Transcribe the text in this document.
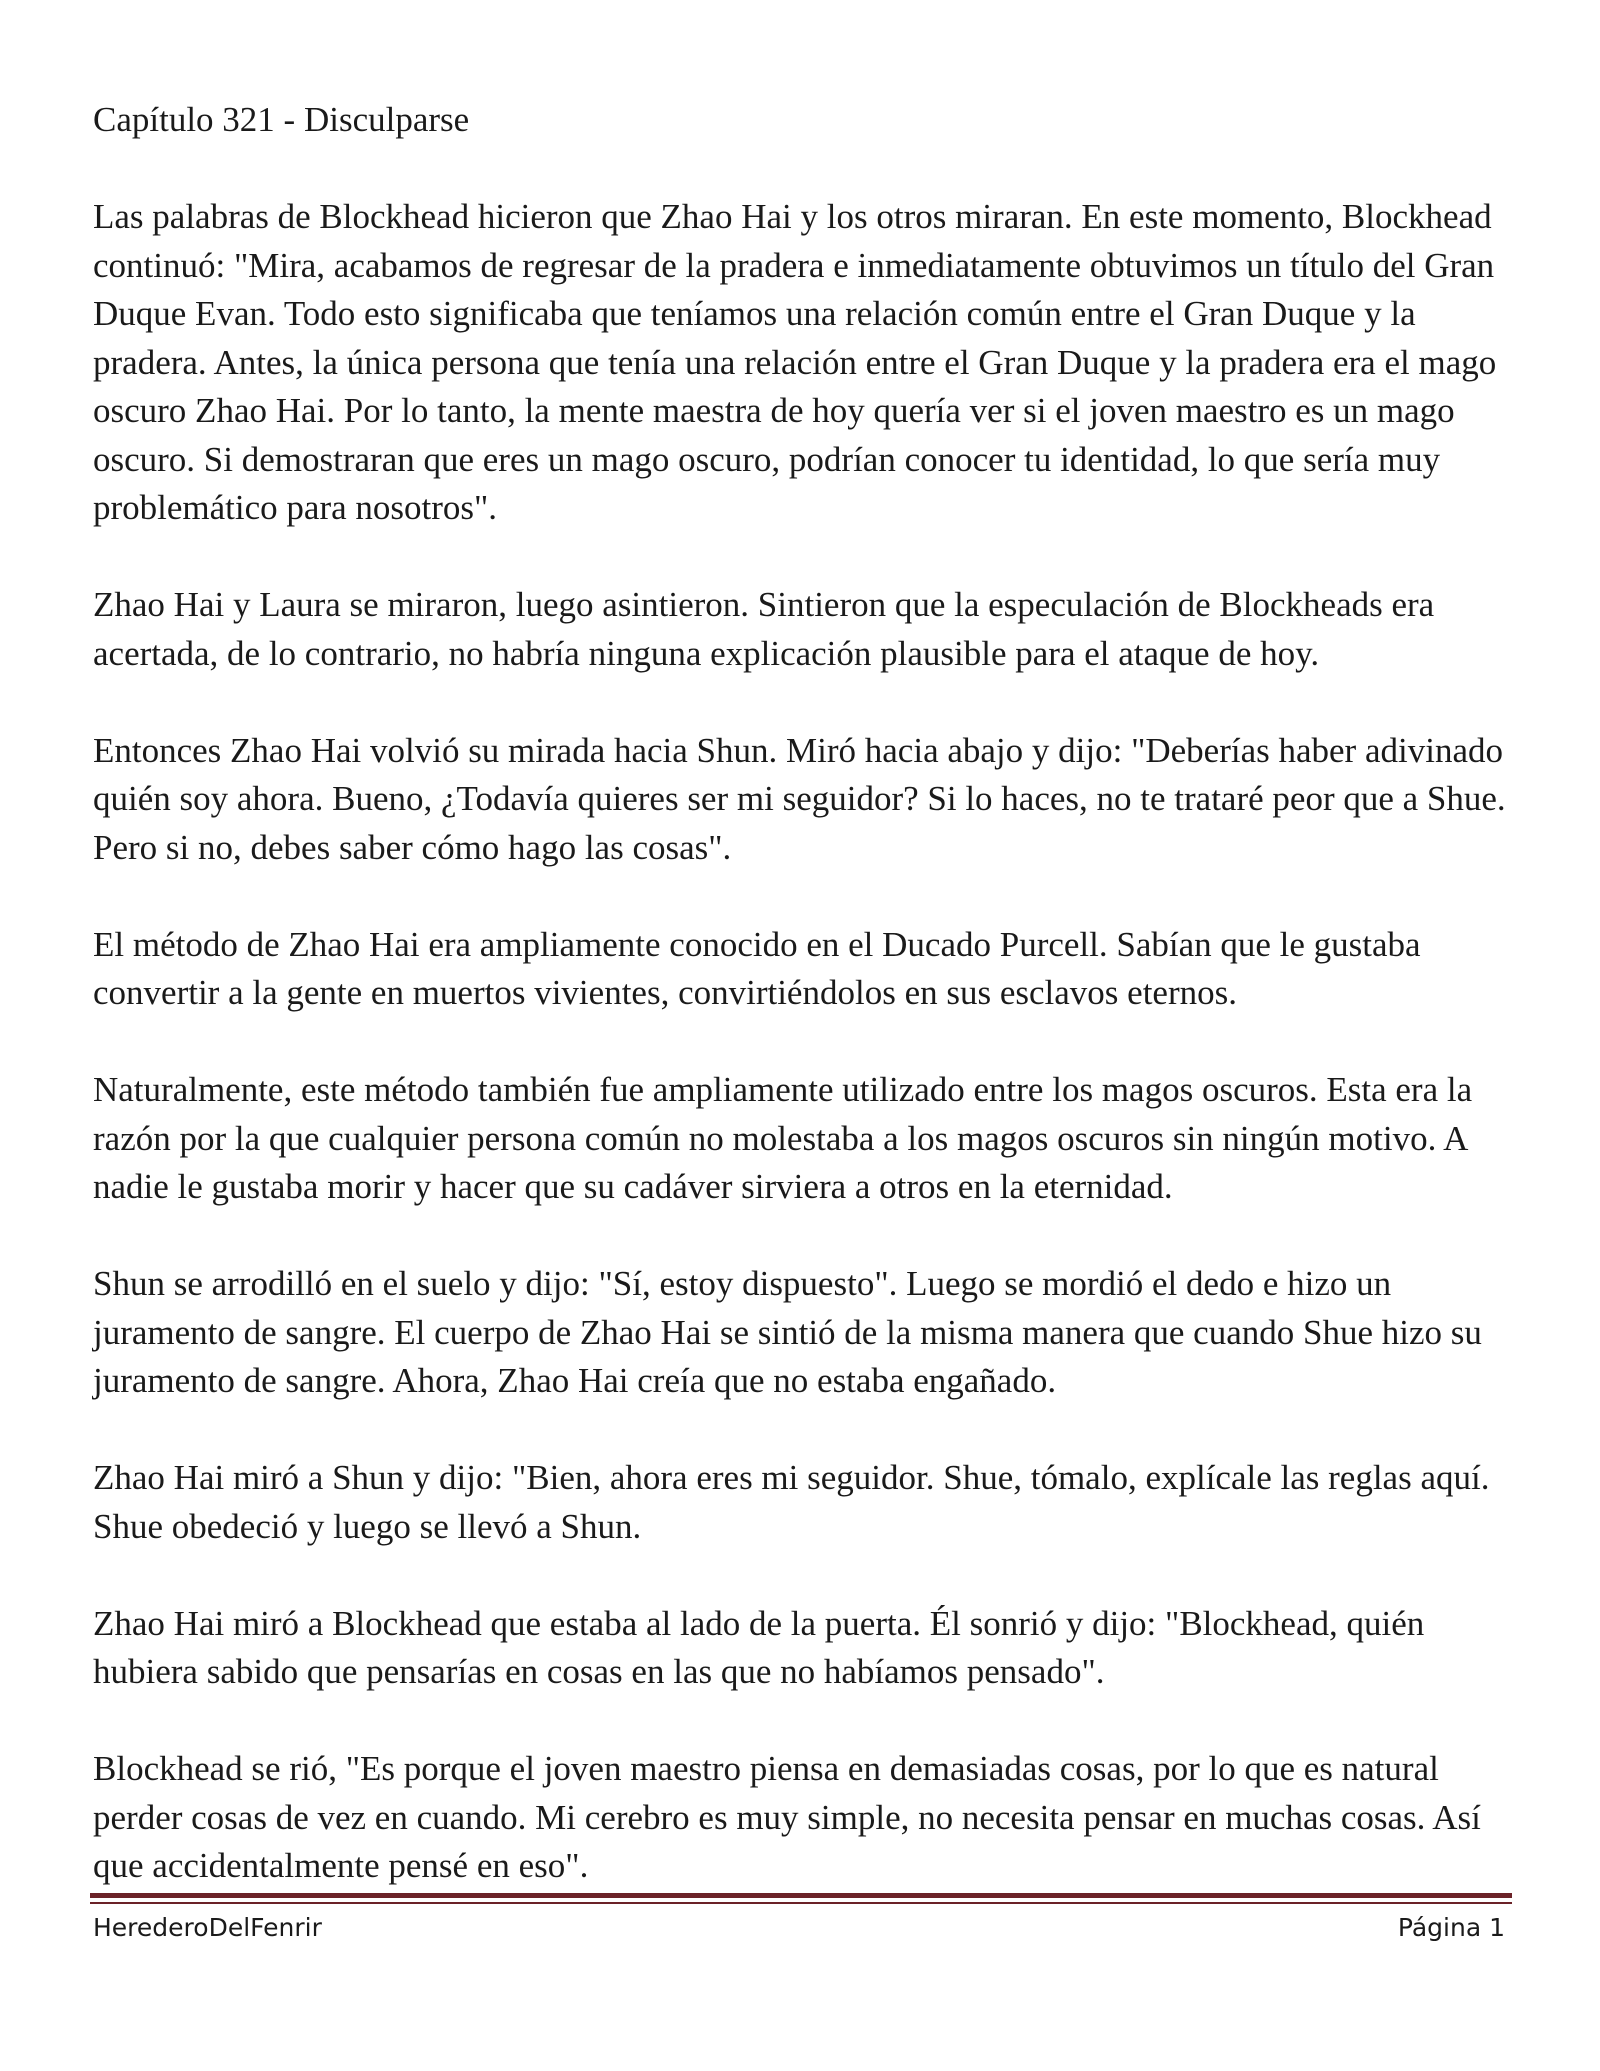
Capítulo 321 - Disculparse

Las palabras de Blockhead hicieron que Zhao Hai y los otros miraran. En este momento, Blockhead continuó: "Mira, acabamos de regresar de la pradera e inmediatamente obtuvimos un título del Gran Duque Evan. Todo esto significaba que teníamos una relación común entre el Gran Duque y la pradera. Antes, la única persona que tenía una relación entre el Gran Duque y la pradera era el mago oscuro Zhao Hai. Por lo tanto, la mente maestra de hoy quería ver si el joven maestro es un mago oscuro. Si demostraran que eres un mago oscuro, podrían conocer tu identidad, lo que sería muy problemático para nosotros".

Zhao Hai y Laura se miraron, luego asintieron. Sintieron que la especulación de Blockheads era acertada, de lo contrario, no habría ninguna explicación plausible para el ataque de hoy.

Entonces Zhao Hai volvió su mirada hacia Shun. Miró hacia abajo y dijo: "Deberías haber adivinado quién soy ahora. Bueno, ¿Todavía quieres ser mi seguidor? Si lo haces, no te trataré peor que a Shue. Pero si no, debes saber cómo hago las cosas".

El método de Zhao Hai era ampliamente conocido en el Ducado Purcell. Sabían que le gustaba convertir a la gente en muertos vivientes, convirtiéndolos en sus esclavos eternos.

Naturalmente, este método también fue ampliamente utilizado entre los magos oscuros. Esta era la razón por la que cualquier persona común no molestaba a los magos oscuros sin ningún motivo. A nadie le gustaba morir y hacer que su cadáver sirviera a otros en la eternidad.

Shun se arrodilló en el suelo y dijo: "Sí, estoy dispuesto". Luego se mordió el dedo e hizo un juramento de sangre. El cuerpo de Zhao Hai se sintió de la misma manera que cuando Shue hizo su juramento de sangre. Ahora, Zhao Hai creía que no estaba engañado.

Zhao Hai miró a Shun y dijo: "Bien, ahora eres mi seguidor. Shue, tómalo, explícale las reglas aquí. Shue obedeció y luego se llevó a Shun.

Zhao Hai miró a Blockhead que estaba al lado de la puerta. Él sonrió y dijo: "Blockhead, quién hubiera sabido que pensarías en cosas en las que no habíamos pensado".

Blockhead se rió, "Es porque el joven maestro piensa en demasiadas cosas, por lo que es natural perder cosas de vez en cuando. Mi cerebro es muy simple, no necesita pensar en muchas cosas. Así que accidentalmente pensé en eso".

HerederoDelFenrir	Página 1
